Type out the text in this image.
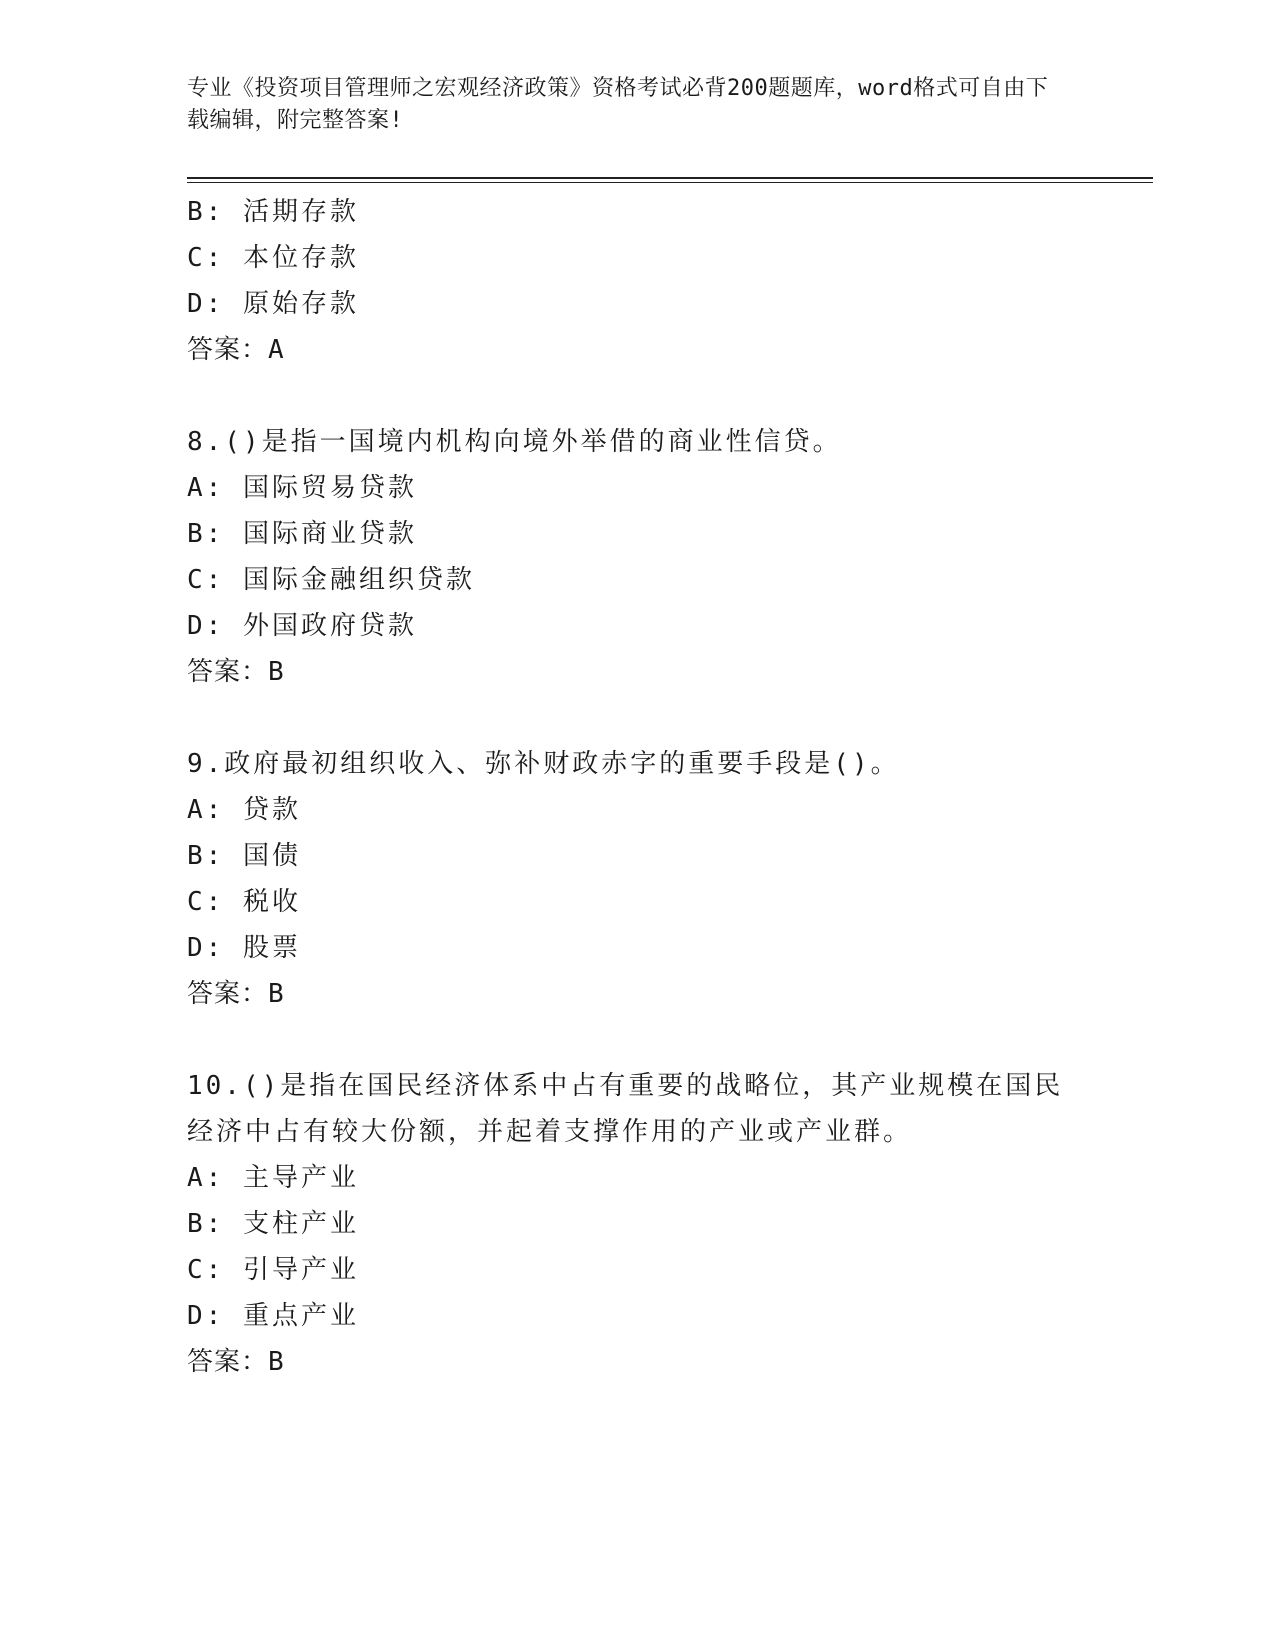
专业《投资项目管理师之宏观经济政策》资格考试必背200题题库，word格式可自由下载编辑，附完整答案!
B: 活期存款
C: 本位存款
D: 原始存款
答案：A
8.()是指一国境内机构向境外举借的商业性信贷。
A: 国际贸易贷款
B: 国际商业贷款
C: 国际金融组织贷款
D: 外国政府贷款
答案：B
9.政府最初组织收入、弥补财政赤字的重要手段是()。
A: 贷款
B: 国债
C: 税收
D: 股票
答案：B
10.()是指在国民经济体系中占有重要的战略位，其产业规模在国民经济中占有较大份额，并起着支撑作用的产业或产业群。
A: 主导产业
B: 支柱产业
C: 引导产业
D: 重点产业
答案：B
